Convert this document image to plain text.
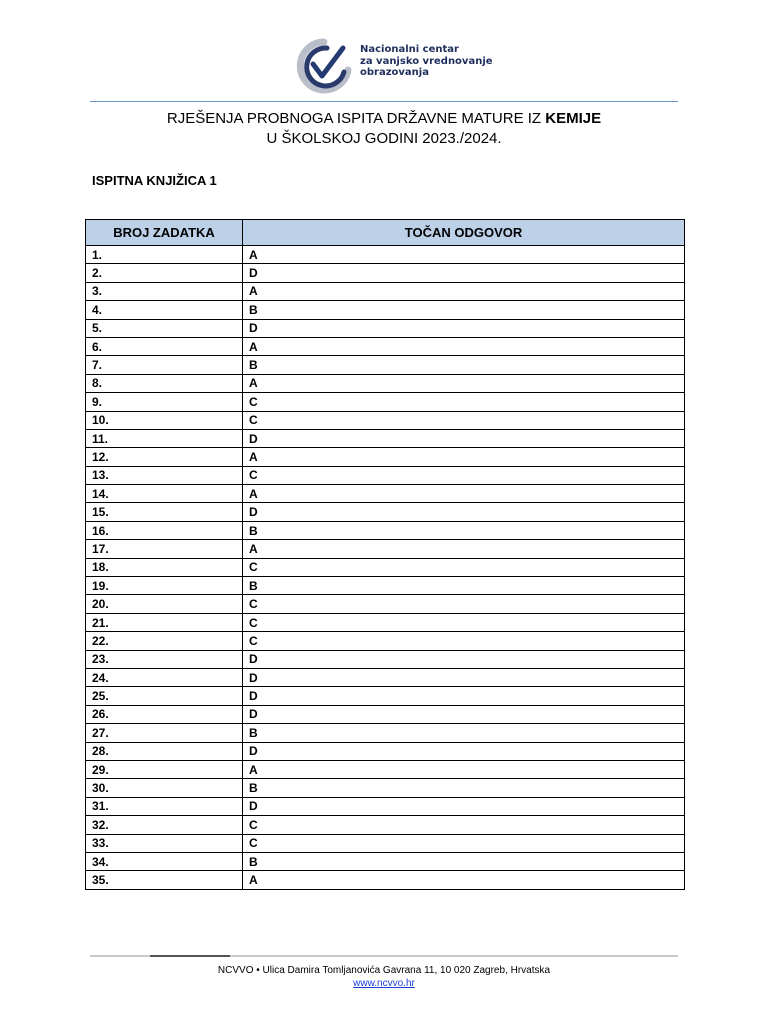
Nacionalni centar
za vanjsko vrednovanje
obrazovanja
RJEŠENJA PROBNOGA ISPITA DRŽAVNE MATURE IZ KEMIJE
U ŠKOLSKOJ GODINI 2023./2024.
ISPITNA KNJIŽICA 1
BROJ ZADATKA	TOČAN ODGOVOR
1.	A
2.	D
3.	A
4.	B
5.	D
6.	A
7.	B
8.	A
9.	C
10.	C
11.	D
12.	A
13.	C
14.	A
15.	D
16.	B
17.	A
18.	C
19.	B
20.	C
21.	C
22.	C
23.	D
24.	D
25.	D
26.	D
27.	B
28.	D
29.	A
30.	B
31.	D
32.	C
33.	C
34.	B
35.	A
NCVVO • Ulica Damira Tomljanovića Gavrana 11, 10 020 Zagreb, Hrvatska
www.ncvvo.hr
